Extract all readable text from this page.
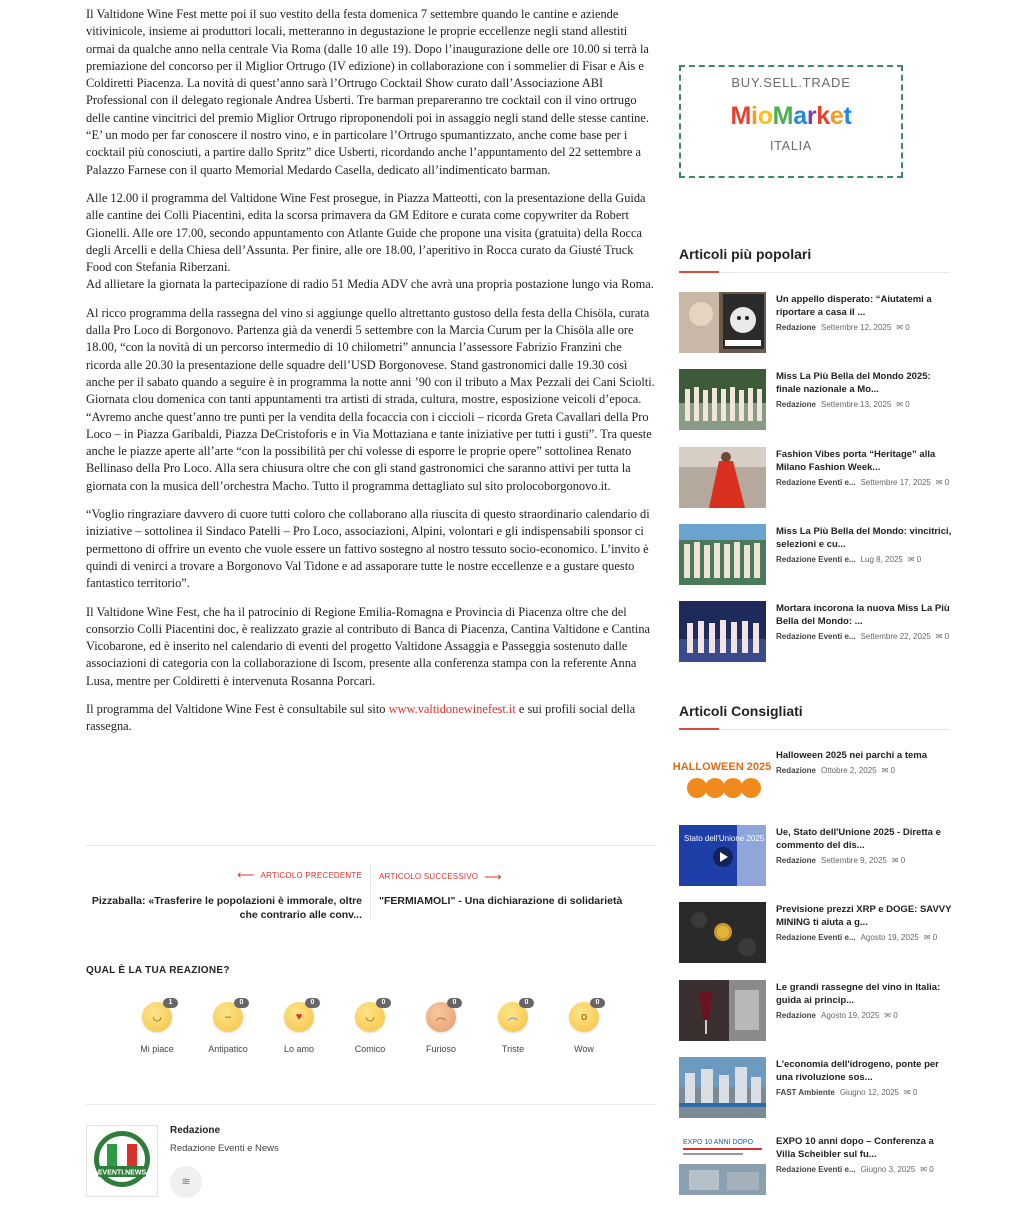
Il Valtidone Wine Fest mette poi il suo vestito della festa domenica 7 settembre quando le cantine e aziende vitivinicole, insieme ai produttori locali, metteranno in degustazione le proprie eccellenze negli stand allestiti ormai da qualche anno nella centrale Via Roma (dalle 10 alle 19). Dopo l’inaugurazione delle ore 10.00 si terrà la premiazione del concorso per il Miglior Ortrugo (IV edizione) in collaborazione con i sommelier di Fisar e Ais e Coldiretti Piacenza. La novità di quest’anno sarà l’Ortrugo Cocktail Show curato dall’Associazione ABI Professional con il delegato regionale Andrea Usberti. Tre barman prepareranno tre cocktail con il vino ortrugo delle cantine vincitrici del premio Miglior Ortrugo riproponendoli poi in assaggio negli stand delle stesse cantine. “E’ un modo per far conoscere il nostro vino, e in particolare l’Ortrugo spumantizzato, anche come base per i cocktail più conosciuti, a partire dallo Spritz” dice Usberti, ricordando anche l’appuntamento del 22 settembre a Palazzo Farnese con il quarto Memorial Medardo Casella, dedicato all’indimenticato barman.

Alle 12.00 il programma del Valtidone Wine Fest prosegue, in Piazza Matteotti, con la presentazione della Guida alle cantine dei Colli Piacentini, edita la scorsa primavera da GM Editore e curata come copywriter da Robert Gionelli. Alle ore 17.00, secondo appuntamento con Atlante Guide che propone una visita (gratuita) della Rocca degli Arcelli e della Chiesa dell’Assunta. Per finire, alle ore 18.00, l’aperitivo in Rocca curato da Giusté Truck Food con Stefania Riberzani.

Ad allietare la giornata la partecipazione di radio 51 Media ADV che avrà una propria postazione lungo via Roma.

Al ricco programma della rassegna del vino si aggiunge quello altrettanto gustoso della festa della Chisöla, curata dalla Pro Loco di Borgonovo. Partenza già da venerdì 5 settembre con la Marcia Curum per la Chisöla alle ore 18.00, “con la novità di un percorso intermedio di 10 chilometri” annuncia l’assessore Fabrizio Franzini che ricorda alle 20.30 la presentazione delle squadre dell’USD Borgonovese. Stand gastronomici dalle 19.30 così anche per il sabato quando a seguire è in programma la notte anni ’90 con il tributo a Max Pezzali dei Cani Sciolti.

Giornata clou domenica con tanti appuntamenti tra artisti di strada, cultura, mostre, esposizione veicoli d’epoca. “Avremo anche quest’anno tre punti per la vendita della focaccia con i ciccioli – ricorda Greta Cavallari della Pro Loco – in Piazza Garibaldi, Piazza DeCristoforis e in Via Mottaziana e tante iniziative per tutti i gusti”. Tra queste anche le piazze aperte all’arte “con la possibilità per chi volesse di esporre le proprie opere” sottolinea Renato Bellinaso della Pro Loco. Alla sera chiusura oltre che con gli stand gastronomici che saranno attivi per tutta la giornata con la musica dell’orchestra Macho. Tutto il programma dettagliato sul sito prolocoborgonovo.it.

“Voglio ringraziare davvero di cuore tutti coloro che collaborano alla riuscita di questo straordinario calendario di iniziative – sottolinea il Sindaco Patelli – Pro Loco, associazioni, Alpini, volontari e gli indispensabili sponsor ci permettono di offrire un evento che vuole essere un fattivo sostegno al nostro tessuto socio-economico. L’invito è quindi di venirci a trovare a Borgonovo Val Tidone e ad assaporare tutte le nostre eccellenze e a gustare questo fantastico territorio”.

Il Valtidone Wine Fest, che ha il patrocinio di Regione Emilia-Romagna e Provincia di Piacenza oltre che del consorzio Colli Piacentini doc, è realizzato grazie al contributo di Banca di Piacenza, Cantina Valtidone e Cantina Vicobarone, ed è inserito nel calendario di eventi del progetto Valtidone Assaggia e Passeggia sostenuto dalle associazioni di categoria con la collaborazione di Iscom, presente alla conferenza stampa con la referente Anna Lusa, mentre per Coldiretti è intervenuta Rosanna Porcari.

Il programma del Valtidone Wine Fest è consultabile sul sito www.valtidonewinefest.it e sui profili social della rassegna.

⟵ ARTICOLO PRECEDENTE
Pizzaballa: «Trasferire le popolazioni è immorale, oltre che contrario alle conv...
ARTICOLO SUCCESSIVO ⟶
"FERMIAMOLI" - Una dichiarazione di solidarietà
QUAL È LA TUA REAZIONE?
◡
1
Mi piace
–
0
Antipatico
♥
0
Lo amo
◡
0
Comico
︵
0
Furioso
︵
0
Triste
o
0
Wow
EVENTI.NEWS
Redazione
Redazione Eventi e News
≋
BUY.SELL.TRADE
MioMarket
ITALIA
Articoli più popolari
Un appello disperato: “Aiutatemi a riportare a casa il ...
Redazione Settembre 12, 2025 ✉ 0
Miss La Più Bella del Mondo 2025: finale nazionale a Mo...
Redazione Settembre 13, 2025 ✉ 0
Fashion Vibes porta “Heritage” alla Milano Fashion Week...
Redazione Eventi e... Settembre 17, 2025 ✉ 0
Miss La Più Bella del Mondo: vincitrici, selezioni e cu...
Redazione Eventi e... Lug 8, 2025 ✉ 0
Mortara incorona la nuova Miss La Più Bella del Mondo: ...
Redazione Eventi e... Settembre 22, 2025 ✉ 0
Articoli Consigliati
HALLOWEEN 2025
Halloween 2025 nei parchi a tema
Redazione Ottobre 2, 2025 ✉ 0
Stato dell'Unione 2025
Ue, Stato dell'Unione 2025 - Diretta e commento del dis...
Redazione Settembre 9, 2025 ✉ 0
Previsione prezzi XRP e DOGE: SAVVY MINING ti aiuta a g...
Redazione Eventi e... Agosto 19, 2025 ✉ 0
Le grandi rassegne del vino in Italia: guida ai princip...
Redazione Agosto 19, 2025 ✉ 0
L'economia dell'idrogeno, ponte per una rivoluzione sos...
FAST Ambiente Giugno 12, 2025 ✉ 0
EXPO 10 ANNI DOPO EXPO 10 anni dopo – Conferenza a Villa Scheibler sul fu...
Redazione Eventi e... Giugno 3, 2025 ✉ 0
